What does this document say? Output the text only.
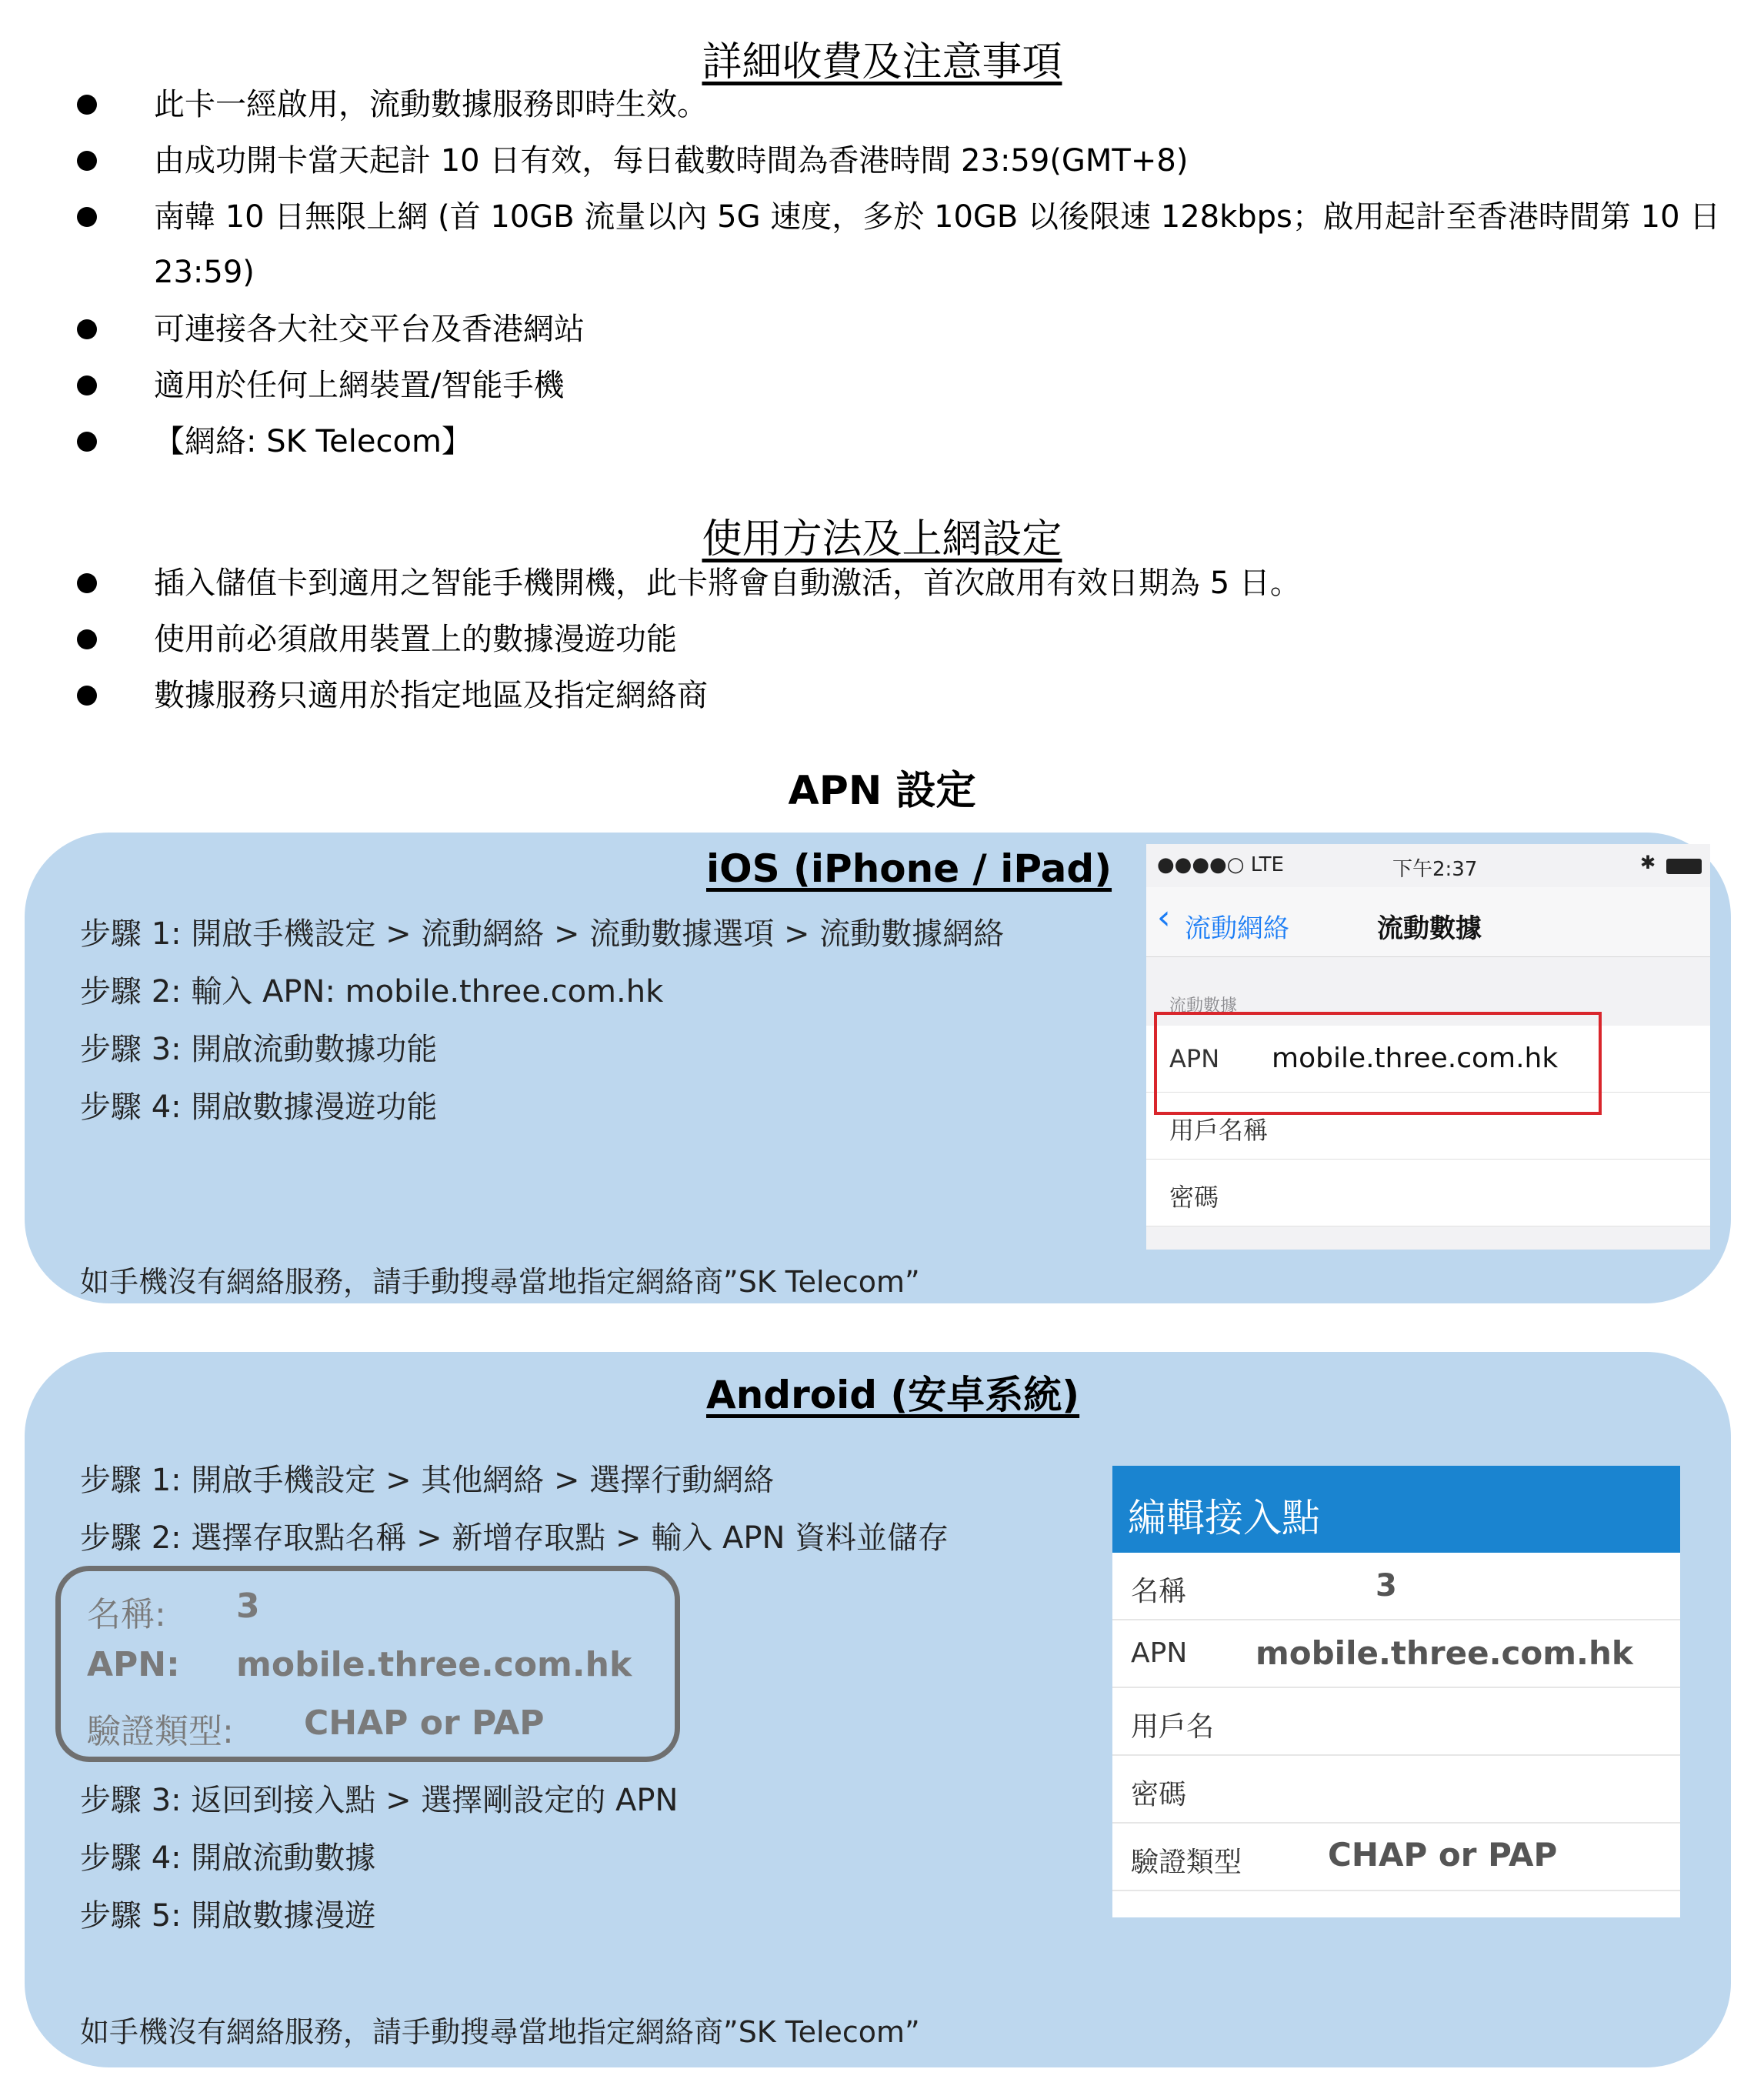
詳細收費及注意事項
此卡一經啟用，流動數據服務即時生效。
由成功開卡當天起計 10 日有效，每日截數時間為香港時間 23:59(GMT+8)
南韓 10 日無限上網 (首 10GB 流量以內 5G 速度，多於 10GB 以後限速 128kbps；啟用起計至香港時間第 10 日 23:59)
可連接各大社交平台及香港網站
適用於任何上網裝置/智能手機
【網絡: SK Telecom】
使用方法及上網設定
插入儲值卡到適用之智能手機開機，此卡將會自動激活，首次啟用有效日期為 5 日。
使用前必須啟用裝置上的數據漫遊功能
數據服務只適用於指定地區及指定網絡商
APN 設定
iOS (iPhone / iPad)
步驟 1: 開啟手機設定 > 流動網絡 > 流動數據選項 > 流動數據網絡
步驟 2: 輸入 APN: mobile.three.com.hk
步驟 3: 開啟流動數據功能
步驟 4: 開啟數據漫遊功能
如手機沒有網絡服務，請手動搜尋當地指定網絡商”SK Telecom”
●●●●○ LTE	下午2:37	✱
‹ 流動網絡	流動數據
流動數據
APN mobile.three.com.hk
用戶名稱
密碼
Android (安卓系統)
步驟 1: 開啟手機設定 > 其他網絡 > 選擇行動網絡
步驟 2: 選擇存取點名稱 > 新增存取點 > 輸入 APN 資料並儲存
名稱: 3
APN: mobile.three.com.hk
驗證類型: CHAP or PAP
步驟 3: 返回到接入點 > 選擇剛設定的 APN
步驟 4: 開啟流動數據
步驟 5: 開啟數據漫遊
如手機沒有網絡服務，請手動搜尋當地指定網絡商”SK Telecom”
編輯接入點
名稱	3
APN mobile.three.com.hk
用戶名
密碼
驗證類型	CHAP or PAP
